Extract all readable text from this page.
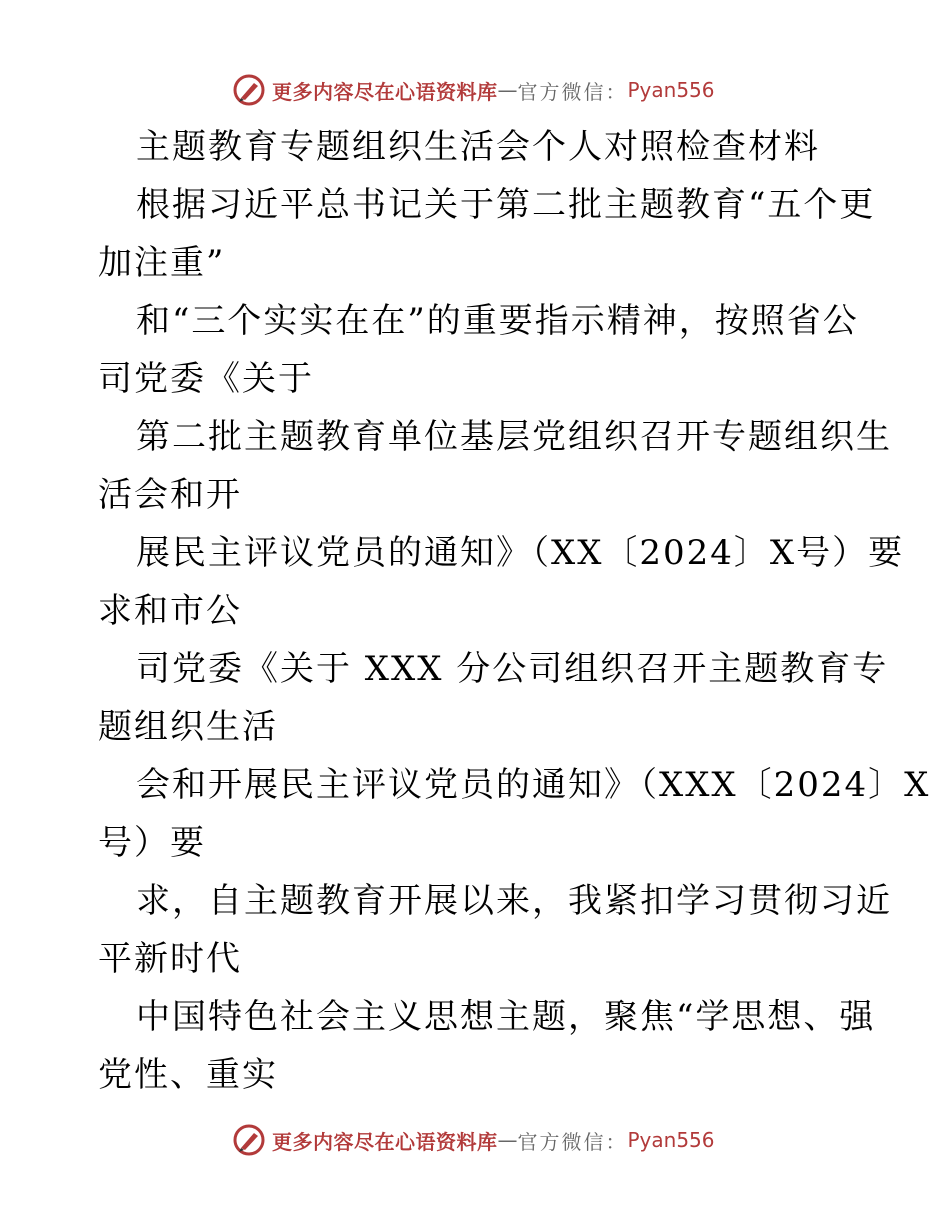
更多内容尽在心语资料库 — 官方微信： Pyan556
主题教育专题组织生活会个人对照检查材料
根据习近平总书记关于第二批主题教育“五个更
加注重”
和“三个实实在在”的重要指示精神，按照省公
司党委《关于
第二批主题教育单位基层党组织召开专题组织生
活会和开
展民主评议党员的通知》（XX〔2024〕X号）要
求和市公
司党委《关于 XXX 分公司组织召开主题教育专
题组织生活
会和开展民主评议党员的通知》（XXX〔2024〕X
号）要
求，自主题教育开展以来，我紧扣学习贯彻习近
平新时代
中国特色社会主义思想主题，聚焦“学思想、强
党性、重实
更多内容尽在心语资料库 — 官方微信： Pyan556
